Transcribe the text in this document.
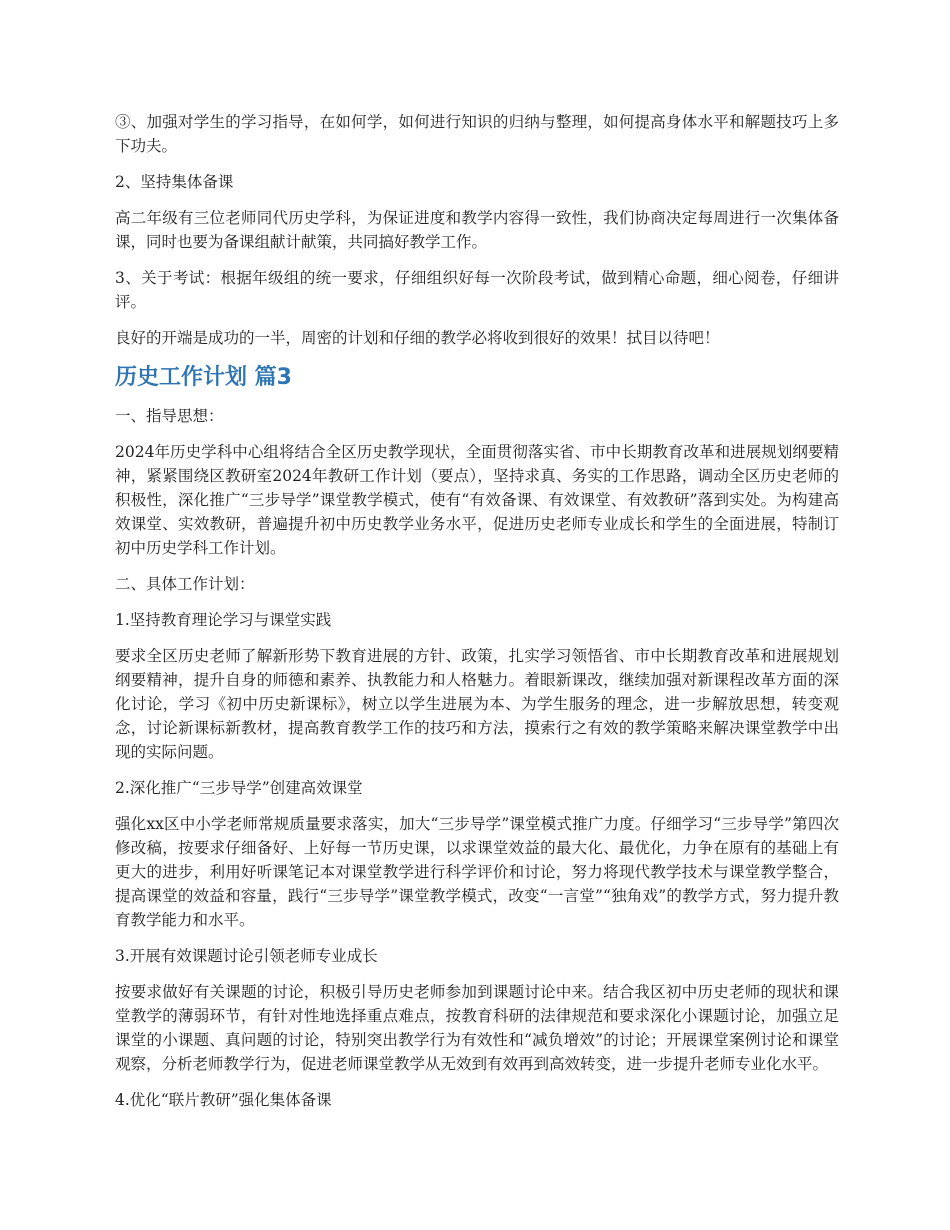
③、加强对学生的学习指导，在如何学，如何进行知识的归纳与整理，如何提高身体水平和解题技巧上多下功夫。

2、坚持集体备课

高二年级有三位老师同代历史学科，为保证进度和教学内容得一致性，我们协商决定每周进行一次集体备课，同时也要为备课组献计献策，共同搞好教学工作。

3、关于考试：根据年级组的统一要求，仔细组织好每一次阶段考试，做到精心命题，细心阅卷，仔细讲评。

良好的开端是成功的一半，周密的计划和仔细的教学必将收到很好的效果！拭目以待吧！

历史工作计划 篇3

一、指导思想：

2024年历史学科中心组将结合全区历史教学现状，全面贯彻落实省、市中长期教育改革和进展规划纲要精神，紧紧围绕区教研室2024年教研工作计划（要点），坚持求真、务实的工作思路，调动全区历史老师的积极性，深化推广“三步导学”课堂教学模式，使有“有效备课、有效课堂、有效教研”落到实处。为构建高效课堂、实效教研，普遍提升初中历史教学业务水平，促进历史老师专业成长和学生的全面进展，特制订初中历史学科工作计划。

二、具体工作计划：

1.坚持教育理论学习与课堂实践

要求全区历史老师了解新形势下教育进展的方针、政策，扎实学习领悟省、市中长期教育改革和进展规划纲要精神，提升自身的师德和素养、执教能力和人格魅力。着眼新课改，继续加强对新课程改革方面的深化讨论，学习《初中历史新课标》，树立以学生进展为本、为学生服务的理念，进一步解放思想，转变观念，讨论新课标新教材，提高教育教学工作的技巧和方法，摸索行之有效的教学策略来解决课堂教学中出现的实际问题。

2.深化推广“三步导学”创建高效课堂

强化xx区中小学老师常规质量要求落实，加大“三步导学”课堂模式推广力度。仔细学习“三步导学”第四次修改稿，按要求仔细备好、上好每一节历史课，以求课堂效益的最大化、最优化，力争在原有的基础上有更大的进步，利用好听课笔记本对课堂教学进行科学评价和讨论，努力将现代教学技术与课堂教学整合，提高课堂的效益和容量，践行“三步导学”课堂教学模式，改变“一言堂”“独角戏”的教学方式，努力提升教育教学能力和水平。

3.开展有效课题讨论引领老师专业成长

按要求做好有关课题的讨论，积极引导历史老师参加到课题讨论中来。结合我区初中历史老师的现状和课堂教学的薄弱环节，有针对性地选择重点难点，按教育科研的法律规范和要求深化小课题讨论，加强立足课堂的小课题、真问题的讨论，特别突出教学行为有效性和“减负增效”的讨论；开展课堂案例讨论和课堂观察，分析老师教学行为，促进老师课堂教学从无效到有效再到高效转变，进一步提升老师专业化水平。

4.优化“联片教研”强化集体备课
